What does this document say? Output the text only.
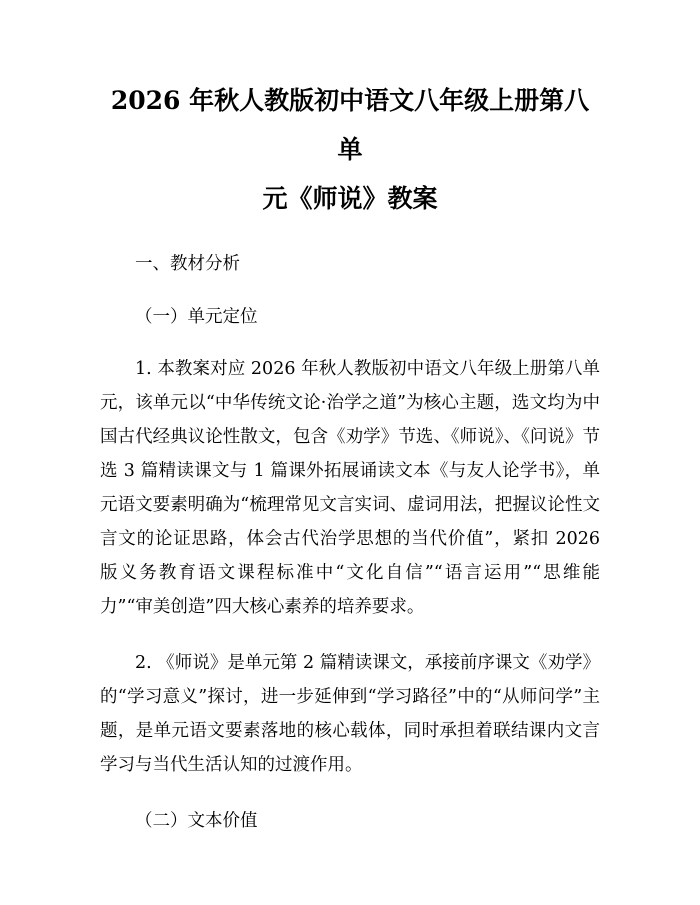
2026 年秋人教版初中语文八年级上册第八单
元《师说》教案

一、教材分析

（一）单元定位

1. 本教案对应 2026 年秋人教版初中语文八年级上册第八单元，该单元以“中华传统文论·治学之道”为核心主题，选文均为中国古代经典议论性散文，包含《劝学》节选、《师说》、《问说》节选 3 篇精读课文与 1 篇课外拓展诵读文本《与友人论学书》，单元语文要素明确为“梳理常见文言实词、虚词用法，把握议论性文言文的论证思路，体会古代治学思想的当代价值”，紧扣 2026 版义务教育语文课程标准中“文化自信”“语言运用”“思维能力”“审美创造”四大核心素养的培养要求。

2. 《师说》是单元第 2 篇精读课文，承接前序课文《劝学》的“学习意义”探讨，进一步延伸到“学习路径”中的“从师问学”主题，是单元语文要素落地的核心载体，同时承担着联结课内文言学习与当代生活认知的过渡作用。

（二）文本价值
